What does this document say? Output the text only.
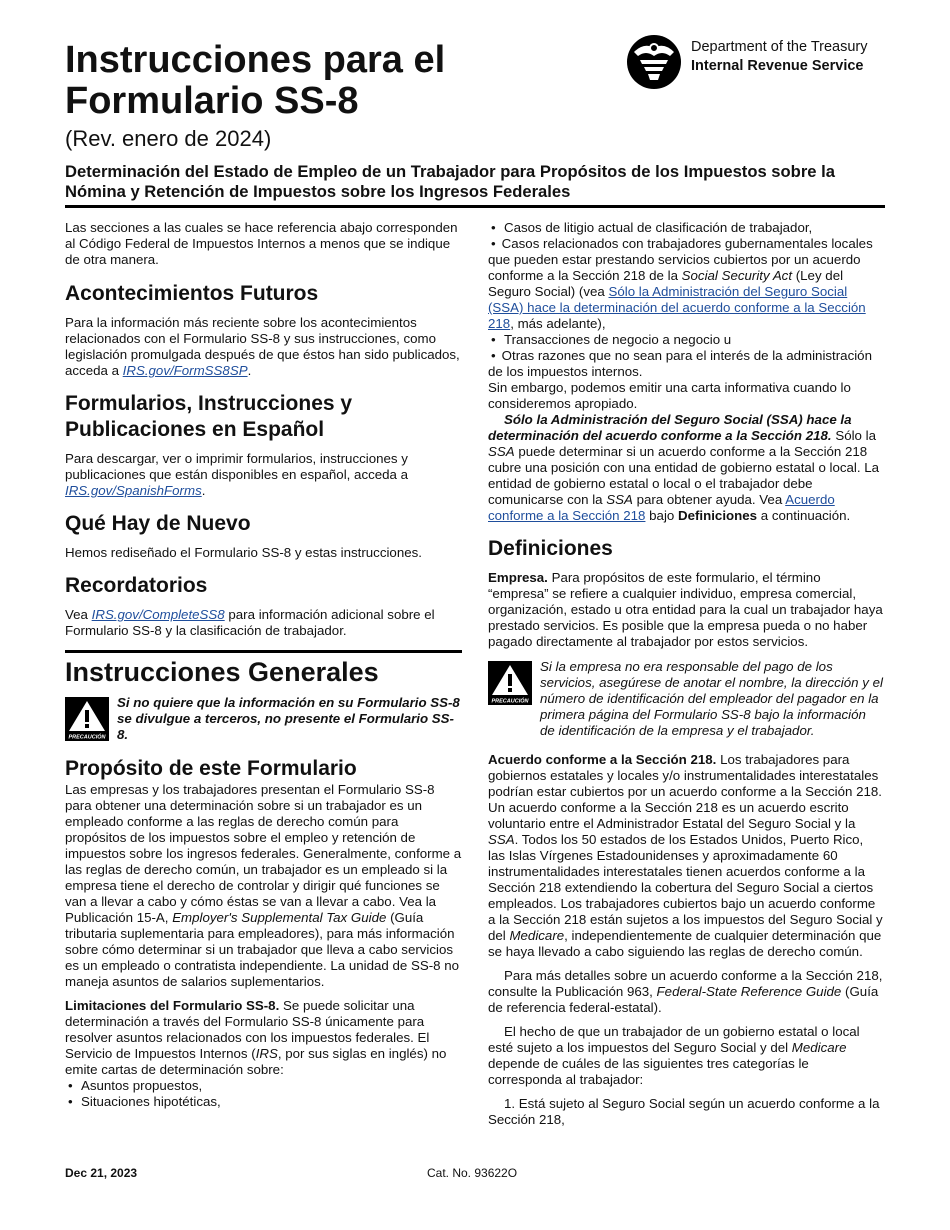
Instrucciones para el Formulario SS-8
(Rev. enero de 2024)
Determinación del Estado de Empleo de un Trabajador para Propósitos de los Impuestos sobre la Nómina y Retención de Impuestos sobre los Ingresos Federales
Department of the Treasury
Internal Revenue Service

Las secciones a las cuales se hace referencia abajo corresponden al Código Federal de Impuestos Internos a menos que se indique de otra manera.

Acontecimientos Futuros

Para la información más reciente sobre los acontecimientos relacionados con el Formulario SS-8 y sus instrucciones, como legislación promulgada después de que éstos han sido publicados, acceda a IRS.gov/FormSS8SP.

Formularios, Instrucciones y Publicaciones en Español

Para descargar, ver o imprimir formularios, instrucciones y publicaciones que están disponibles en español, acceda a IRS.gov/SpanishForms.

Qué Hay de Nuevo

Hemos rediseñado el Formulario SS-8 y estas instrucciones.

Recordatorios

Vea IRS.gov/CompleteSS8 para información adicional sobre el Formulario SS-8 y la clasificación de trabajador.

Instrucciones Generales
PRECAUCIÓN
Si no quiere que la información en su Formulario SS-8 se divulgue a terceros, no presente el Formulario SS-8.
Propósito de este Formulario

Las empresas y los trabajadores presentan el Formulario SS-8 para obtener una determinación sobre si un trabajador es un empleado conforme a las reglas de derecho común para propósitos de los impuestos sobre el empleo y retención de impuestos sobre los ingresos federales. Generalmente, conforme a las reglas de derecho común, un trabajador es un empleado si la empresa tiene el derecho de controlar y dirigir qué funciones se van a llevar a cabo y cómo éstas se van a llevar a cabo. Vea la Publicación 15-A, Employer's Supplemental Tax Guide (Guía tributaria suplementaria para empleadores), para más información sobre cómo determinar si un trabajador que lleva a cabo servicios es un empleado o contratista independiente. La unidad de SS-8 no maneja asuntos de salarios suplementarios.

Limitaciones del Formulario SS-8. Se puede solicitar una determinación a través del Formulario SS-8 únicamente para resolver asuntos relacionados con los impuestos federales. El Servicio de Impuestos Internos (IRS, por sus siglas en inglés) no emite cartas de determinación sobre:

• Asuntos propuestos,

• Situaciones hipotéticas,

• Casos de litigio actual de clasificación de trabajador,

• Casos relacionados con trabajadores gubernamentales locales que pueden estar prestando servicios cubiertos por un acuerdo conforme a la Sección 218 de la Social Security Act (Ley del Seguro Social) (vea Sólo la Administración del Seguro Social (SSA) hace la determinación del acuerdo conforme a la Sección 218, más adelante),

• Transacciones de negocio a negocio u

• Otras razones que no sean para el interés de la administración de los impuestos internos.

Sin embargo, podemos emitir una carta informativa cuando lo consideremos apropiado.

Sólo la Administración del Seguro Social (SSA) hace la determinación del acuerdo conforme a la Sección 218. Sólo la SSA puede determinar si un acuerdo conforme a la Sección 218 cubre una posición con una entidad de gobierno estatal o local. La entidad de gobierno estatal o local o el trabajador debe comunicarse con la SSA para obtener ayuda. Vea Acuerdo conforme a la Sección 218 bajo Definiciones a continuación.

Definiciones

Empresa. Para propósitos de este formulario, el término “empresa” se refiere a cualquier individuo, empresa comercial, organización, estado u otra entidad para la cual un trabajador haya prestado servicios. Es posible que la empresa pueda o no haber pagado directamente al trabajador por estos servicios.

PRECAUCIÓN
Si la empresa no era responsable del pago de los servicios, asegúrese de anotar el nombre, la dirección y el número de identificación del empleador del pagador en la primera página del Formulario SS-8 bajo la información de identificación de la empresa y el trabajador.

Acuerdo conforme a la Sección 218. Los trabajadores para gobiernos estatales y locales y/o instrumentalidades interestatales podrían estar cubiertos por un acuerdo conforme a la Sección 218. Un acuerdo conforme a la Sección 218 es un acuerdo escrito voluntario entre el Administrador Estatal del Seguro Social y la SSA. Todos los 50 estados de los Estados Unidos, Puerto Rico, las Islas Vírgenes Estadounidenses y aproximadamente 60 instrumentalidades interestatales tienen acuerdos conforme a la Sección 218 extendiendo la cobertura del Seguro Social a ciertos empleados. Los trabajadores cubiertos bajo un acuerdo conforme a la Sección 218 están sujetos a los impuestos del Seguro Social y del Medicare, independientemente de cualquier determinación que se haya llevado a cabo siguiendo las reglas de derecho común.

Para más detalles sobre un acuerdo conforme a la Sección 218, consulte la Publicación 963, Federal-State Reference Guide (Guía de referencia federal-estatal).

El hecho de que un trabajador de un gobierno estatal o local esté sujeto a los impuestos del Seguro Social y del Medicare depende de cuáles de las siguientes tres categorías le corresponda al trabajador:

1. Está sujeto al Seguro Social según un acuerdo conforme a la Sección 218,

Dec 21, 2023	Cat. No. 93622O
